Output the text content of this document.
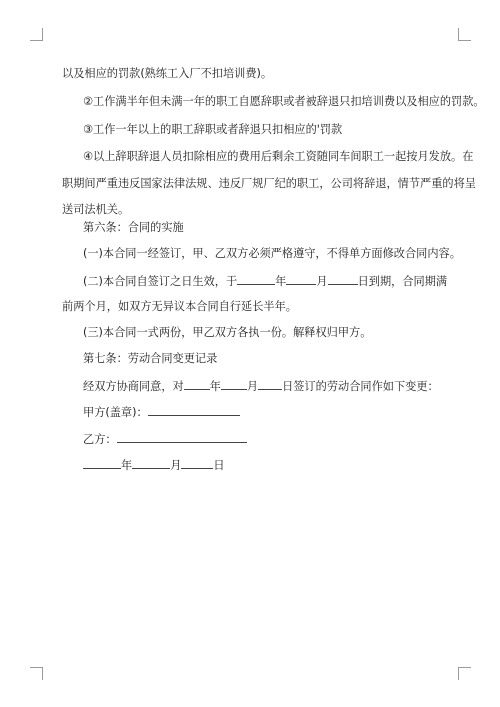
以及相应的罚款(熟练工入厂不扣培训费)。
②工作满半年但未满一年的职工自愿辞职或者被辞退只扣培训费以及相应的罚款。
③工作一年以上的职工辞职或者辞退只扣相应的'罚款
④以上辞职辞退人员扣除相应的费用后剩余工资随同车间职工一起按月发放。在
职期间严重违反国家法律法规、违反厂规厂纪的职工，公司将辞退，情节严重的将呈
送司法机关。
第六条：合同的实施
(一)本合同一经签订，甲、乙双方必须严格遵守，不得单方面修改合同内容。
(二)本合同自签订之日生效，于	年	月	日到期，合同期满
前两个月，如双方无异议本合同自行延长半年。
(三)本合同一式两份，甲乙双方各执一份。解释权归甲方。
第七条：劳动合同变更记录
经双方协商同意，对 年 月 日签订的劳动合同作如下变更：
甲方(盖章)：
乙方：
年	月	日
